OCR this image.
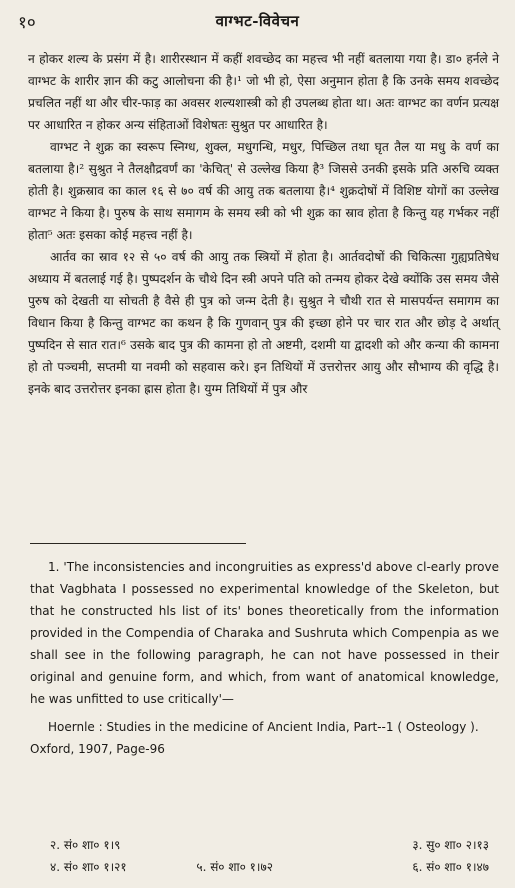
१०	वाग्भट-विवेचन

न होकर शल्य के प्रसंग में है। शारीरस्थान में कहीं शवच्छेद का महत्त्व भी नहीं बतलाया गया है। डा० हर्नले ने वाग्भट के शारीर ज्ञान की कटु आलोचना की है।¹ जो भी हो, ऐसा अनुमान होता है कि उनके समय शवच्छेद प्रचलित नहीं था और चीर-फाड़ का अवसर शल्यशास्त्री को ही उपलब्ध होता था। अतः वाग्भट का वर्णन प्रत्यक्ष पर आधारित न होकर अन्य संहिताओं विशेषतः सुश्रुत पर आधारित है।

वाग्भट ने शुक्र का स्वरूप स्निग्ध, शुक्ल, मधुगन्धि, मधुर, पिच्छिल तथा घृत तैल या मधु के वर्ण का बतलाया है।² सुश्रुत ने तैलक्षौद्रवर्णं का 'केचित्' से उल्लेख किया है³ जिससे उनकी इसके प्रति अरुचि व्यक्त होती है। शुक्रस्राव का काल १६ से ७० वर्ष की आयु तक बतलाया है।⁴ शुक्रदोषों में विशिष्ट योगों का उल्लेख वाग्भट ने किया है। पुरुष के साथ समागम के समय स्त्री को भी शुक्र का स्राव होता है किन्तु यह गर्भकर नहीं होता⁵ अतः इसका कोई महत्त्व नहीं है।

आर्तव का स्राव १२ से ५० वर्ष की आयु तक स्त्रियों में होता है। आर्तवदोषों की चिकित्सा गुह्यप्रतिषेध अध्याय में बतलाई गई है। पुष्पदर्शन के चौथे दिन स्त्री अपने पति को तन्मय होकर देखे क्योंकि उस समय जैसे पुरुष को देखती या सोचती है वैसे ही पुत्र को जन्म देती है। सुश्रुत ने चौथी रात से मासपर्यन्त समागम का विधान किया है किन्तु वाग्भट का कथन है कि गुणवान् पुत्र की इच्छा होने पर चार रात और छोड़ दे अर्थात् पुष्पदिन से सात रात।⁶ उसके बाद पुत्र की कामना हो तो अष्टमी, दशमी या द्वादशी को और कन्या की कामना हो तो पञ्चमी, सप्तमी या नवमी को सहवास करे। इन तिथियों में उत्तरोत्तर आयु और सौभाग्य की वृद्धि है। इनके बाद उत्तरोत्तर इनका ह्रास होता है। युग्म तिथियों में पुत्र और

1. 'The inconsistencies and incongruities as express'd above cl-early prove that Vagbhata I possessed no experimental knowledge of the Skeleton, but that he constructed hls list of its' bones theoretically from the information provided in the Compendia of Charaka and Sushruta which Compenpia as we shall see in the following paragraph, he can not have possessed in their original and genuine form, and which, from want of anatomical knowledge, he was unfitted to use critically'—

Hoernle : Studies in the medicine of Ancient India, Part--1 ( Osteology ). Oxford, 1907, Page-96

२. सं० शा० १।९	३. सु० शा० २।१३
४. सं० शा० १।२१	५. सं० शा० १।७२	६. सं० शा० १।४७
